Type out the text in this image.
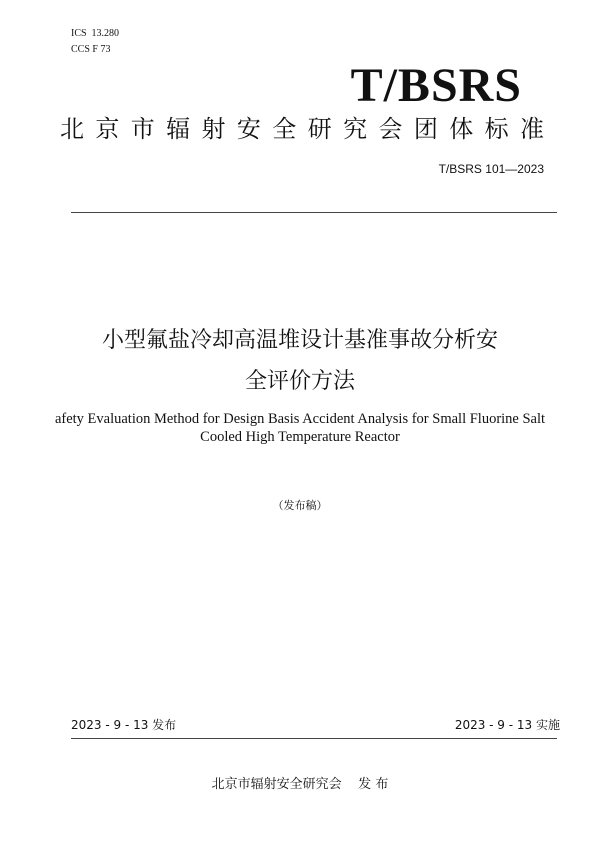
ICS  13.280
CCS F 73
T/BSRS
北京市辐射安全研究会团体标准
T/BSRS 101—2023
小型氟盐冷却高温堆设计基准事故分析安
全评价方法
afety Evaluation Method for Design Basis Accident Analysis for Small Fluorine Salt
Cooled High Temperature Reactor
（发布稿）
2023 - 9 - 13 发布	2023 - 9 - 13 实施
北京市辐射安全研究会    发 布
